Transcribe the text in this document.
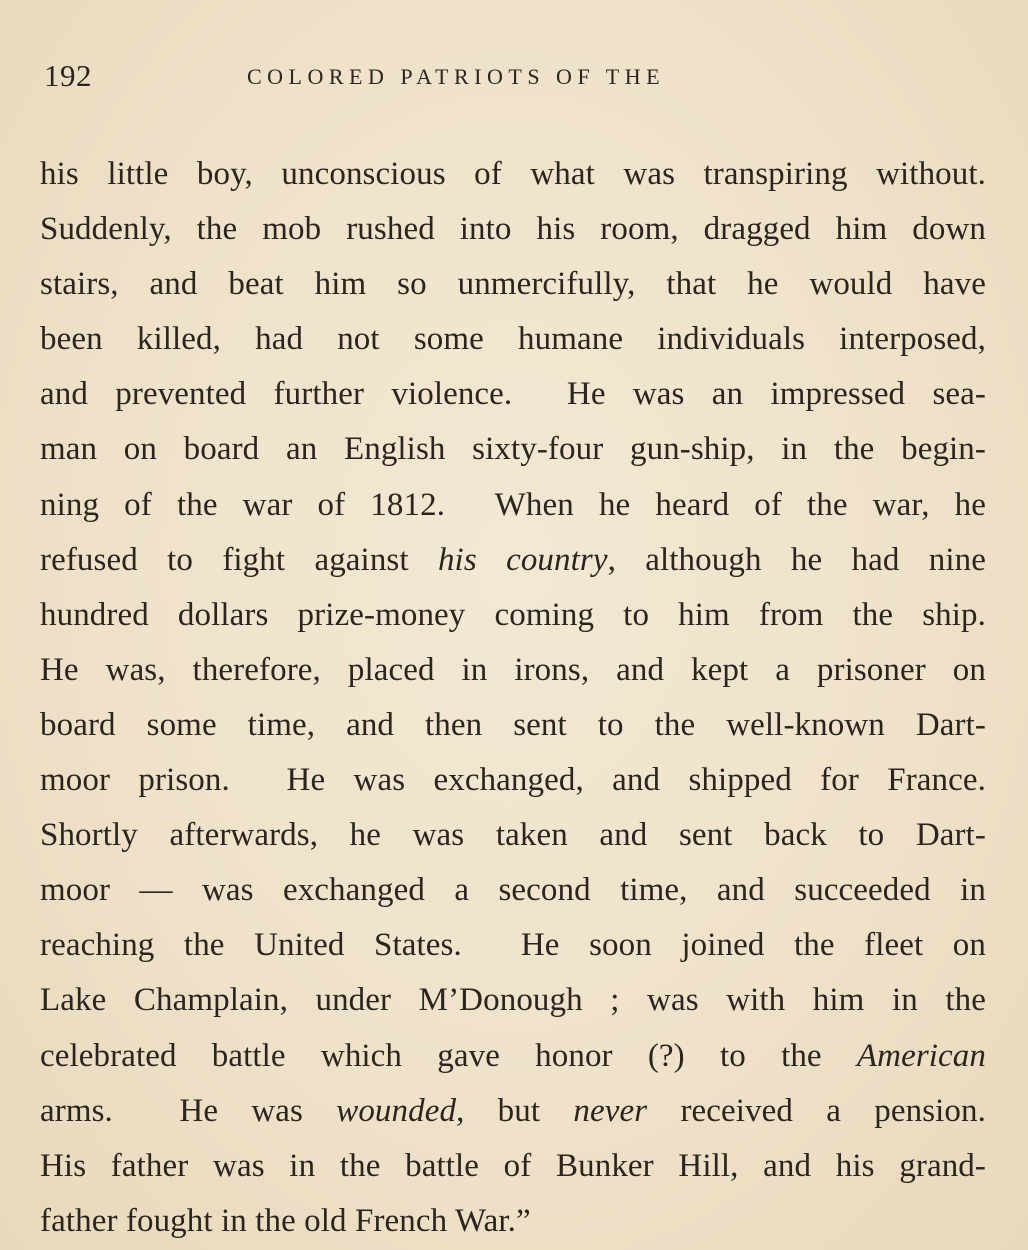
192	COLORED PATRIOTS OF THE
his little boy, unconscious of what was transpiring without.
Suddenly, the mob rushed into his room, dragged him down
stairs, and beat him so unmercifully, that he would have
been killed, had not some humane individuals interposed,
and prevented further violence.  He was an impressed sea-
man on board an English sixty-four gun-ship, in the begin-
ning of the war of 1812.  When he heard of the war, he
refused to fight against his country, although he had nine
hundred dollars prize-money coming to him from the ship.
He was, therefore, placed in irons, and kept a prisoner on
board some time, and then sent to the well-known Dart-
moor prison.  He was exchanged, and shipped for France.
Shortly afterwards, he was taken and sent back to Dart-
moor — was exchanged a second time, and succeeded in
reaching the United States.  He soon joined the fleet on
Lake Champlain, under M’Donough ; was with him in the
celebrated battle which gave honor (?) to the American
arms.  He was wounded, but never received a pension.
His father was in the battle of Bunker Hill, and his grand-
father fought in the old French War.”
